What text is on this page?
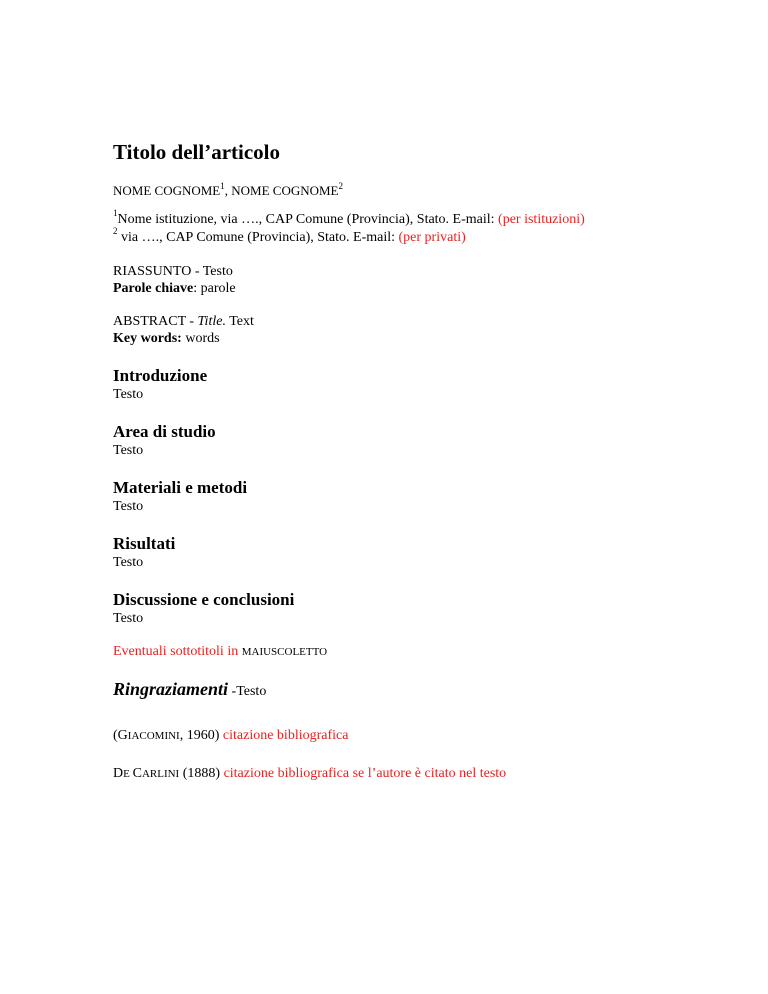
Titolo dell’articolo
NOME COGNOME$^1$, NOME COGNOME$^2$
$^1$Nome istituzione, via …., CAP Comune (Provincia), Stato. E-mail: (per istituzioni)
$^2$ via …., CAP Comune (Provincia), Stato. E-mail: (per privati)
RIASSUNTO - Testo
Parole chiave: parole
ABSTRACT - Title. Text
Key words: words
Introduzione
Testo
Area di studio
Testo
Materiali e metodi
Testo
Risultati
Testo
Discussione e conclusioni
Testo
Eventuali sottotitoli in MAIUSCOLETTO
Ringraziamenti -Testo
(GIACOMINI, 1960) citazione bibliografica
DE CARLINI (1888) citazione bibliografica se l’autore è citato nel testo
